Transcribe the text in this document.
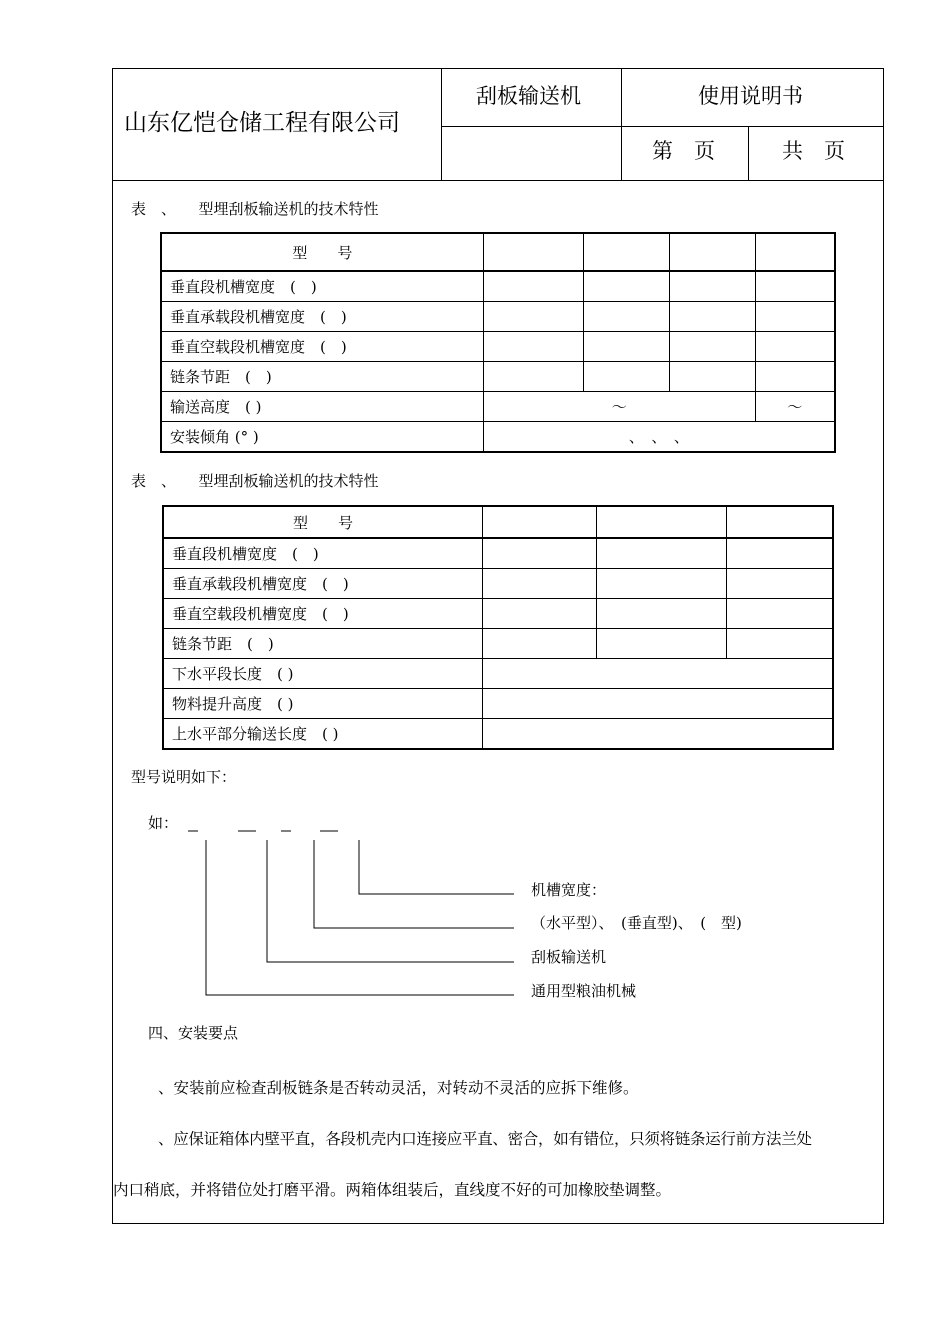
山东亿恺仓储工程有限公司
刮板输送机	使用说明书
第　页	共　页
表　、　　型埋刮板输送机的技术特性
型　　号				
垂直段机槽宽度　(　)				
垂直承载段机槽宽度　(　)				
垂直空载段机槽宽度　(　)				
链条节距　(　)				
输送高度　( )	～			～
安装倾角 (° )	、　、　、			
表　、　　型埋刮板输送机的技术特性
型　　号			
垂直段机槽宽度　(　)			
垂直承载段机槽宽度　(　)			
垂直空载段机槽宽度　(　)			
链条节距　(　)			
下水平段长度　( )			
物料提升高度　( )			
上水平部分输送长度　( )			
型号说明如下：
如：
机槽宽度：
（水平型）、　(垂直型)、　(　型)
刮板输送机
通用型粮油机械
四、安装要点
、安装前应检查刮板链条是否转动灵活，对转动不灵活的应拆下维修。
、应保证箱体内壁平直，各段机壳内口连接应平直、密合，如有错位，只须将链条运行前方法兰处
内口稍底，并将错位处打磨平滑。两箱体组装后，直线度不好的可加橡胶垫调整。
